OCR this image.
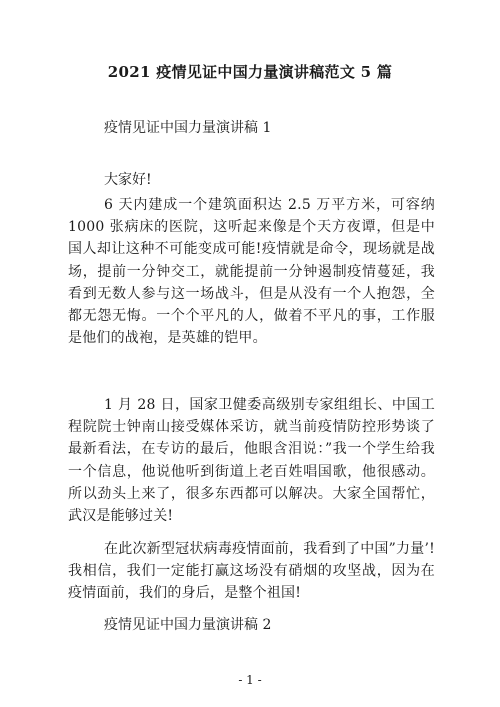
2021 疫情见证中国力量演讲稿范文 5 篇
疫情见证中国力量演讲稿 1
大家好!
6 天内建成一个建筑面积达 2.5 万平方米，可容纳 1000 张病床的医院，这听起来像是个天方夜谭，但是中国人却让这种不可能变成可能!疫情就是命令，现场就是战场，提前一分钟交工，就能提前一分钟遏制疫情蔓延，我看到无数人参与这一场战斗，但是从没有一个人抱怨，全都无怨无悔。一个个平凡的人，做着不平凡的事，工作服是他们的战袍，是英雄的铠甲。
1 月 28 日，国家卫健委高级别专家组组长、中国工程院院士钟南山接受媒体采访，就当前疫情防控形势谈了最新看法，在专访的最后，他眼含泪说：”我一个学生给我一个信息，他说他听到街道上老百姓唱国歌，他很感动。所以劲头上来了，很多东西都可以解决。大家全国帮忙，武汉是能够过关!
在此次新型冠状病毒疫情面前，我看到了中国”力量’!我相信，我们一定能打赢这场没有硝烟的攻坚战，因为在疫情面前，我们的身后，是整个祖国!
疫情见证中国力量演讲稿 2
- 1 -
